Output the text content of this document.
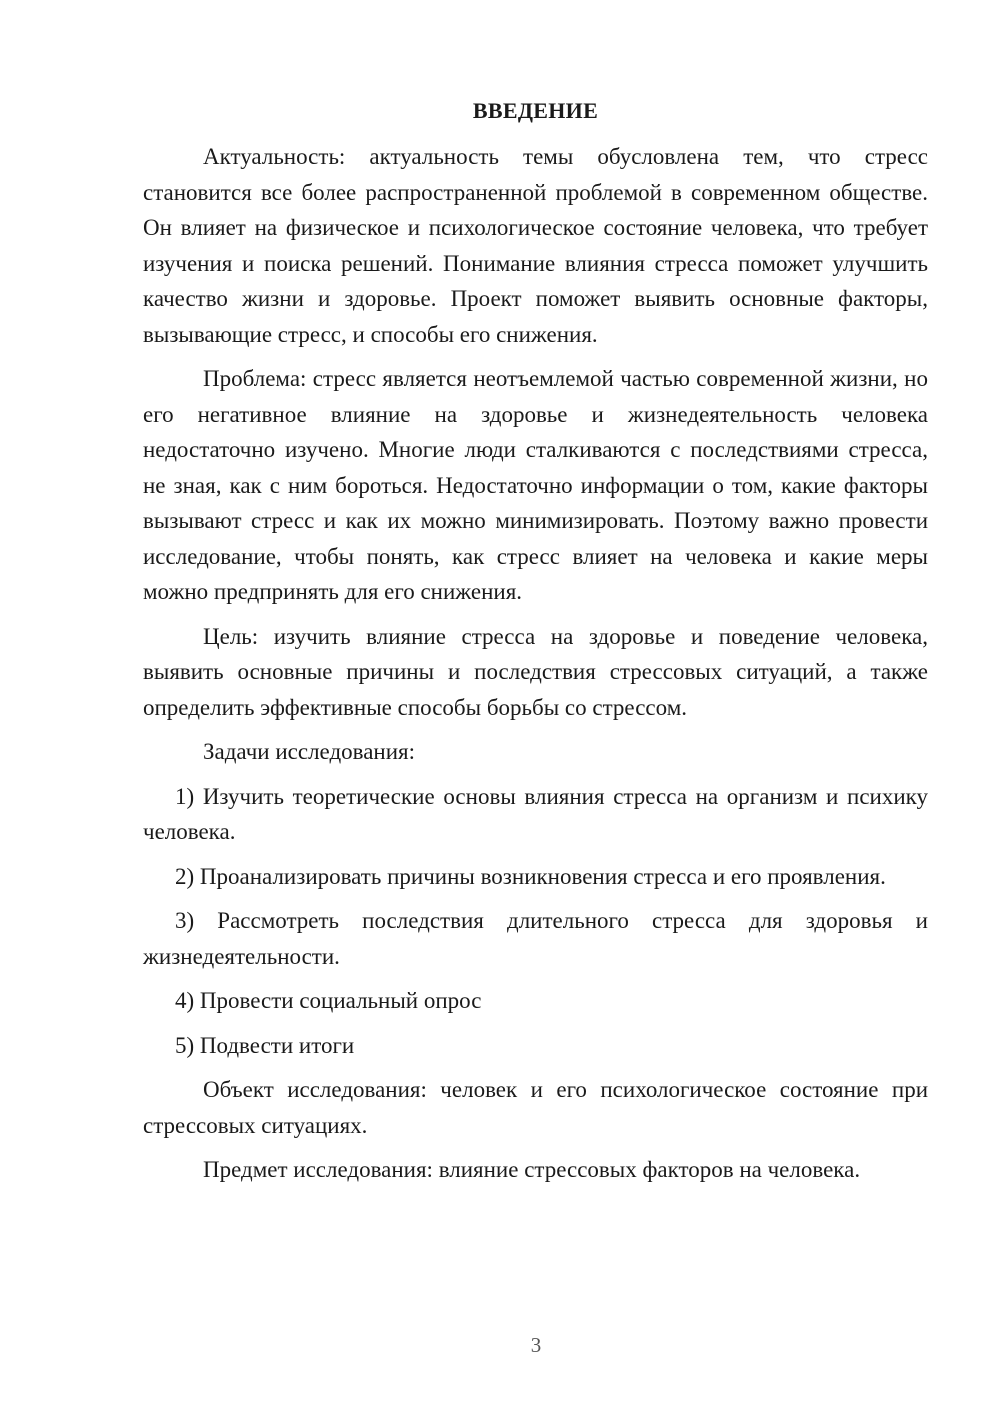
ВВЕДЕНИЕ

Актуальность: актуальность темы обусловлена тем, что стресс становится все более распространенной проблемой в современном обществе. Он влияет на физическое и психологическое состояние человека, что требует изучения и поиска решений. Понимание влияния стресса поможет улучшить качество жизни и здоровье. Проект поможет выявить основные факторы, вызывающие стресс, и способы его снижения.

Проблема: стресс является неотъемлемой частью современной жизни, но его негативное влияние на здоровье и жизнедеятельность человека недостаточно изучено. Многие люди сталкиваются с последствиями стресса, не зная, как с ним бороться. Недостаточно информации о том, какие факторы вызывают стресс и как их можно минимизировать. Поэтому важно провести исследование, чтобы понять, как стресс влияет на человека и какие меры можно предпринять для его снижения.

Цель: изучить влияние стресса на здоровье и поведение человека, выявить основные причины и последствия стрессовых ситуаций, а также определить эффективные способы борьбы со стрессом.

Задачи исследования:

1) Изучить теоретические основы влияния стресса на организм и психику человека.

2) Проанализировать причины возникновения стресса и его проявления.

3) Рассмотреть последствия длительного стресса для здоровья и жизнедеятельности.

4) Провести социальный опрос

5) Подвести итоги

Объект исследования: человек и его психологическое состояние при стрессовых ситуациях.

Предмет исследования: влияние стрессовых факторов на человека.

3
